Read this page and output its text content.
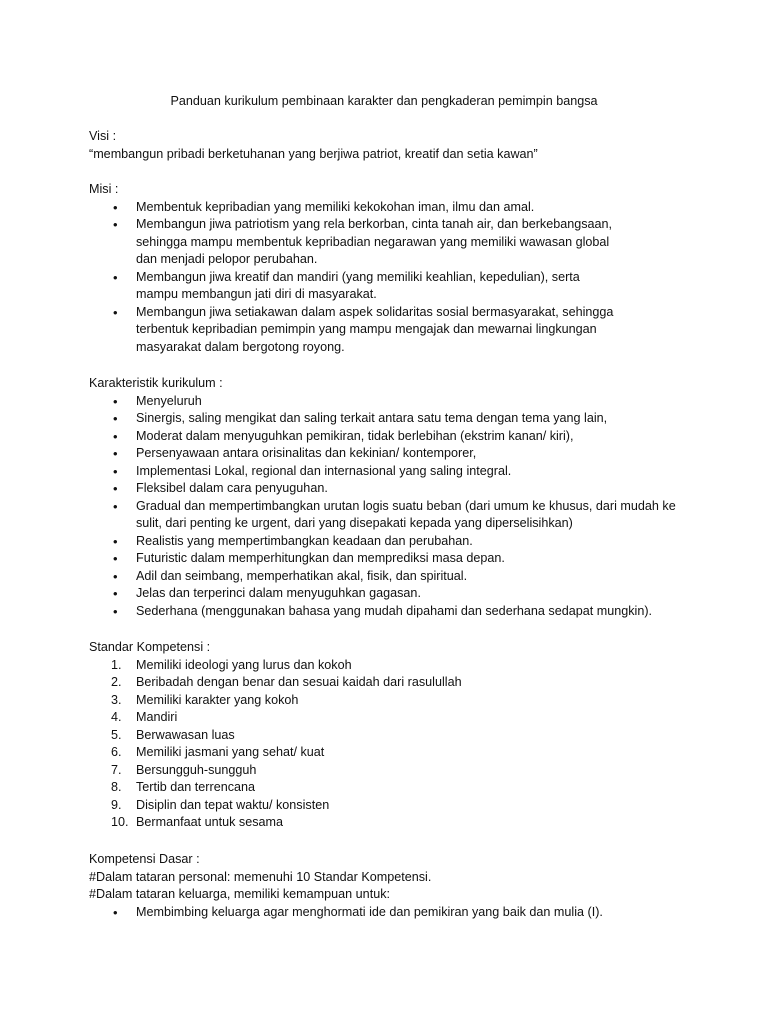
Panduan kurikulum pembinaan karakter dan pengkaderan pemimpin bangsa
Visi :
“membangun pribadi berketuhanan yang berjiwa patriot, kreatif dan setia kawan”
Misi :
• Membentuk kepribadian yang memiliki kekokohan iman, ilmu dan amal.
• Membangun jiwa patriotism yang rela berkorban, cinta tanah air, dan berkebangsaan, sehingga mampu membentuk kepribadian negarawan yang memiliki wawasan global dan menjadi pelopor perubahan.
• Membangun jiwa kreatif dan mandiri (yang memiliki keahlian, kepedulian), serta mampu membangun jati diri di masyarakat.
• Membangun jiwa setiakawan dalam aspek solidaritas sosial bermasyarakat, sehingga terbentuk kepribadian pemimpin yang mampu mengajak dan mewarnai lingkungan masyarakat dalam bergotong royong.
Karakteristik kurikulum :
• Menyeluruh
• Sinergis, saling mengikat dan saling terkait antara satu tema dengan tema yang lain,
• Moderat dalam menyuguhkan pemikiran, tidak berlebihan (ekstrim kanan/ kiri),
• Persenyawaan antara orisinalitas dan kekinian/ kontemporer,
• Implementasi Lokal, regional dan internasional yang saling integral.
• Fleksibel dalam cara penyuguhan.
• Gradual dan mempertimbangkan urutan logis suatu beban (dari umum ke khusus, dari mudah ke sulit, dari penting ke urgent, dari yang disepakati kepada yang diperselisihkan)
• Realistis yang mempertimbangkan keadaan dan perubahan.
• Futuristic dalam memperhitungkan dan memprediksi masa depan.
• Adil dan seimbang, memperhatikan akal, fisik, dan spiritual.
• Jelas dan terperinci dalam menyuguhkan gagasan.
• Sederhana (menggunakan bahasa yang mudah dipahami dan sederhana sedapat mungkin).
Standar Kompetensi :
1. Memiliki ideologi yang lurus dan kokoh
2. Beribadah dengan benar dan sesuai kaidah dari rasulullah
3. Memiliki karakter yang kokoh
4. Mandiri
5. Berwawasan luas
6. Memiliki jasmani yang sehat/ kuat
7. Bersungguh-sungguh
8. Tertib dan terrencana
9. Disiplin dan tepat waktu/ konsisten
10. Bermanfaat untuk sesama
Kompetensi Dasar :
#Dalam tataran personal: memenuhi 10 Standar Kompetensi.
#Dalam tataran keluarga, memiliki kemampuan untuk:
• Membimbing keluarga agar menghormati ide dan pemikiran yang baik dan mulia (I).
